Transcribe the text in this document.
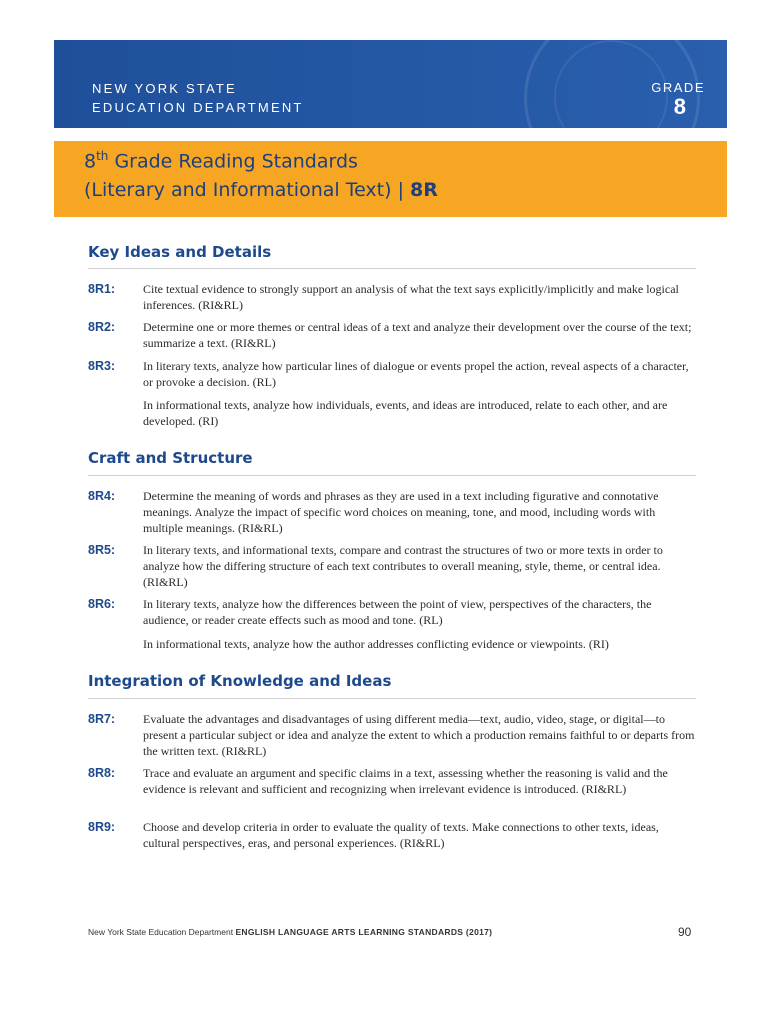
NEW YORK STATE
EDUCATION DEPARTMENT
GRADE
8
8th Grade Reading Standards
(Literary and Informational Text) | 8R
Key Ideas and Details
8R1: Cite textual evidence to strongly support an analysis of what the text says explicitly/implicitly and make logical inferences. (RI&RL)
8R2: Determine one or more themes or central ideas of a text and analyze their development over the course of the text; summarize a text. (RI&RL)
8R3: In literary texts, analyze how particular lines of dialogue or events propel the action, reveal aspects of a character, or provoke a decision. (RL)
In informational texts, analyze how individuals, events, and ideas are introduced, relate to each other, and are developed. (RI)
Craft and Structure
8R4: Determine the meaning of words and phrases as they are used in a text including figurative and connotative meanings. Analyze the impact of specific word choices on meaning, tone, and mood, including words with multiple meanings. (RI&RL)
8R5: In literary texts, and informational texts, compare and contrast the structures of two or more texts in order to analyze how the differing structure of each text contributes to overall meaning, style, theme, or central idea. (RI&RL)
8R6: In literary texts, analyze how the differences between the point of view, perspectives of the characters, the audience, or reader create effects such as mood and tone. (RL)
In informational texts, analyze how the author addresses conflicting evidence or viewpoints. (RI)
Integration of Knowledge and Ideas
8R7: Evaluate the advantages and disadvantages of using different media—text, audio, video, stage, or digital—to present a particular subject or idea and analyze the extent to which a production remains faithful to or departs from the written text. (RI&RL)
8R8: Trace and evaluate an argument and specific claims in a text, assessing whether the reasoning is valid and the evidence is relevant and sufficient and recognizing when irrelevant evidence is introduced. (RI&RL)
8R9: Choose and develop criteria in order to evaluate the quality of texts. Make connections to other texts, ideas, cultural perspectives, eras, and personal experiences. (RI&RL)
New York State Education Department ENGLISH LANGUAGE ARTS LEARNING STANDARDS (2017)	90
